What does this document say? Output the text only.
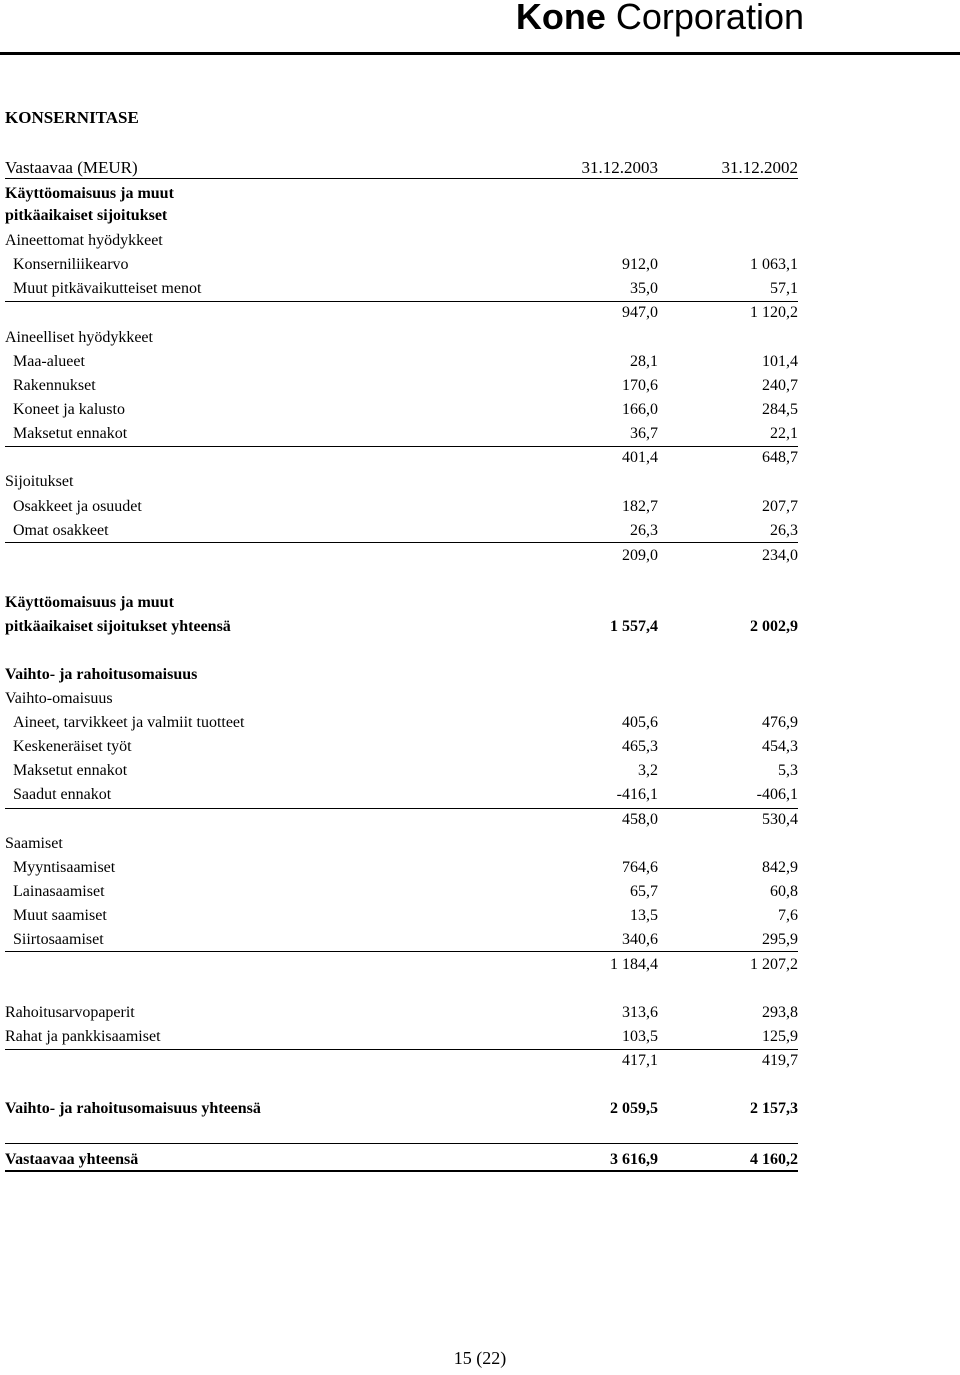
Kone Corporation
KONSERNITASE
Vastaavaa (MEUR)	31.12.2003	31.12.2002
Käyttöomaisuus ja muut
pitkäaikaiset sijoitukset
Aineettomat hyödykkeet
Konserniliikearvo	912,0	1 063,1
Muut pitkävaikutteiset menot	35,0	57,1
947,0	1 120,2
Aineelliset hyödykkeet
Maa-alueet	28,1	101,4
Rakennukset	170,6	240,7
Koneet ja kalusto	166,0	284,5
Maksetut ennakot	36,7	22,1
401,4	648,7
Sijoitukset
Osakkeet ja osuudet	182,7	207,7
Omat osakkeet	26,3	26,3
209,0	234,0
Käyttöomaisuus ja muut
pitkäaikaiset sijoitukset yhteensä	1 557,4	2 002,9
Vaihto- ja rahoitusomaisuus
Vaihto-omaisuus
Aineet, tarvikkeet ja valmiit tuotteet	405,6	476,9
Keskeneräiset työt	465,3	454,3
Maksetut ennakot	3,2	5,3
Saadut ennakot	-416,1	-406,1
458,0	530,4
Saamiset
Myyntisaamiset	764,6	842,9
Lainasaamiset	65,7	60,8
Muut saamiset	13,5	7,6
Siirtosaamiset	340,6	295,9
1 184,4	1 207,2
Rahoitusarvopaperit	313,6	293,8
Rahat ja pankkisaamiset	103,5	125,9
417,1	419,7
Vaihto- ja rahoitusomaisuus yhteensä	2 059,5	2 157,3
Vastaavaa yhteensä	3 616,9	4 160,2
15 (22)
